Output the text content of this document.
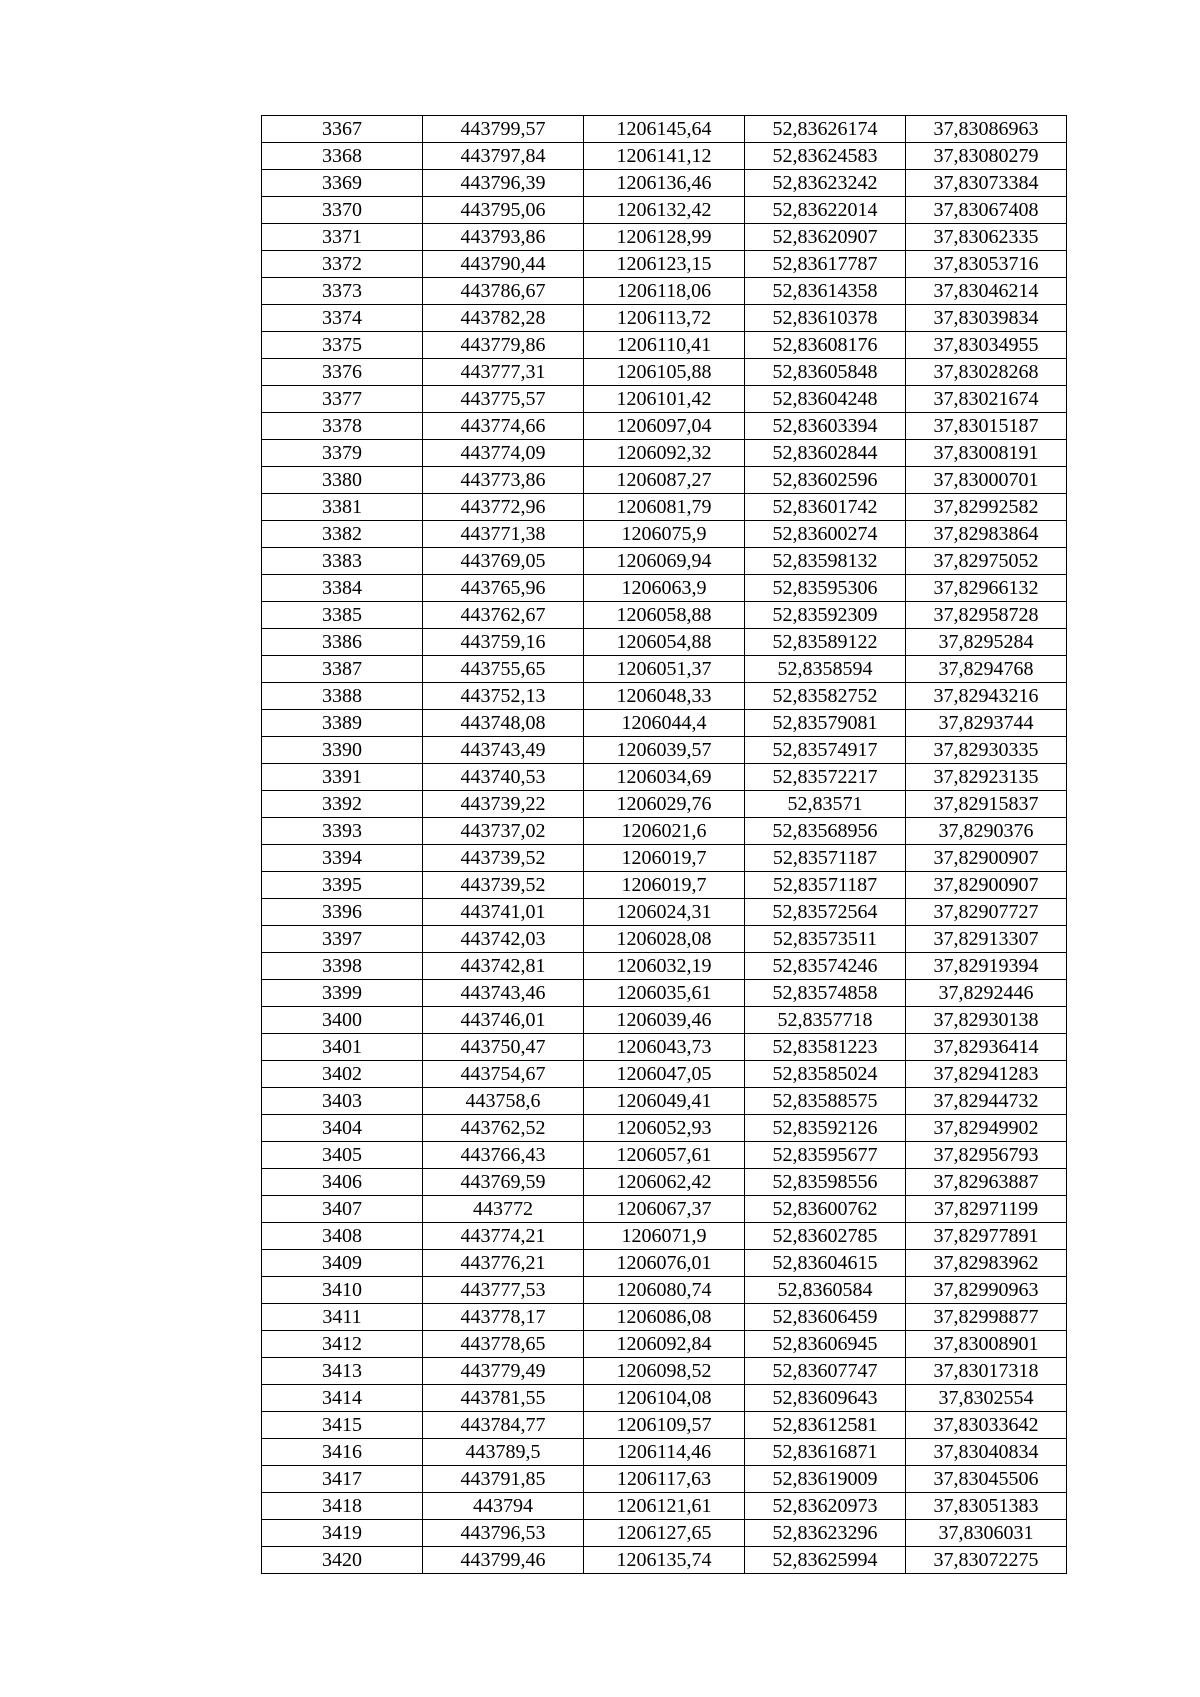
3367	443799,57	1206145,64	52,83626174	37,83086963
3368	443797,84	1206141,12	52,83624583	37,83080279
3369	443796,39	1206136,46	52,83623242	37,83073384
3370	443795,06	1206132,42	52,83622014	37,83067408
3371	443793,86	1206128,99	52,83620907	37,83062335
3372	443790,44	1206123,15	52,83617787	37,83053716
3373	443786,67	1206118,06	52,83614358	37,83046214
3374	443782,28	1206113,72	52,83610378	37,83039834
3375	443779,86	1206110,41	52,83608176	37,83034955
3376	443777,31	1206105,88	52,83605848	37,83028268
3377	443775,57	1206101,42	52,83604248	37,83021674
3378	443774,66	1206097,04	52,83603394	37,83015187
3379	443774,09	1206092,32	52,83602844	37,83008191
3380	443773,86	1206087,27	52,83602596	37,83000701
3381	443772,96	1206081,79	52,83601742	37,82992582
3382	443771,38	1206075,9	52,83600274	37,82983864
3383	443769,05	1206069,94	52,83598132	37,82975052
3384	443765,96	1206063,9	52,83595306	37,82966132
3385	443762,67	1206058,88	52,83592309	37,82958728
3386	443759,16	1206054,88	52,83589122	37,8295284
3387	443755,65	1206051,37	52,8358594	37,8294768
3388	443752,13	1206048,33	52,83582752	37,82943216
3389	443748,08	1206044,4	52,83579081	37,8293744
3390	443743,49	1206039,57	52,83574917	37,82930335
3391	443740,53	1206034,69	52,83572217	37,82923135
3392	443739,22	1206029,76	52,83571	37,82915837
3393	443737,02	1206021,6	52,83568956	37,8290376
3394	443739,52	1206019,7	52,83571187	37,82900907
3395	443739,52	1206019,7	52,83571187	37,82900907
3396	443741,01	1206024,31	52,83572564	37,82907727
3397	443742,03	1206028,08	52,83573511	37,82913307
3398	443742,81	1206032,19	52,83574246	37,82919394
3399	443743,46	1206035,61	52,83574858	37,8292446
3400	443746,01	1206039,46	52,8357718	37,82930138
3401	443750,47	1206043,73	52,83581223	37,82936414
3402	443754,67	1206047,05	52,83585024	37,82941283
3403	443758,6	1206049,41	52,83588575	37,82944732
3404	443762,52	1206052,93	52,83592126	37,82949902
3405	443766,43	1206057,61	52,83595677	37,82956793
3406	443769,59	1206062,42	52,83598556	37,82963887
3407	443772	1206067,37	52,83600762	37,82971199
3408	443774,21	1206071,9	52,83602785	37,82977891
3409	443776,21	1206076,01	52,83604615	37,82983962
3410	443777,53	1206080,74	52,8360584	37,82990963
3411	443778,17	1206086,08	52,83606459	37,82998877
3412	443778,65	1206092,84	52,83606945	37,83008901
3413	443779,49	1206098,52	52,83607747	37,83017318
3414	443781,55	1206104,08	52,83609643	37,8302554
3415	443784,77	1206109,57	52,83612581	37,83033642
3416	443789,5	1206114,46	52,83616871	37,83040834
3417	443791,85	1206117,63	52,83619009	37,83045506
3418	443794	1206121,61	52,83620973	37,83051383
3419	443796,53	1206127,65	52,83623296	37,8306031
3420	443799,46	1206135,74	52,83625994	37,83072275
